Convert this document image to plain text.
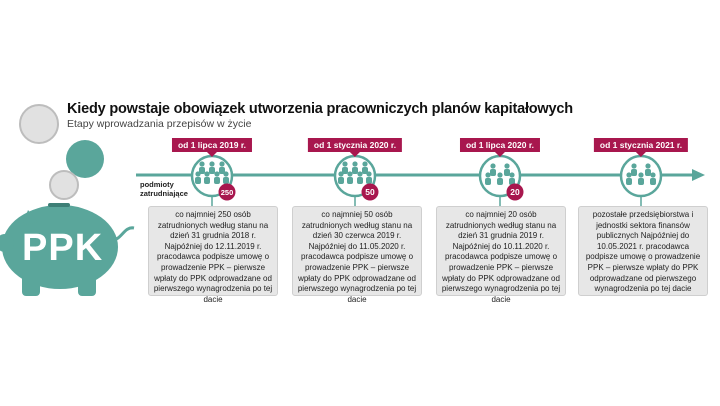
250	50	20
Kiedy powstaje obowiązek utworzenia pracowniczych planów kapitałowych
Etapy wprowadzania przepisów w życie
PPK
podmioty
zatrudniające
od 1 lipca 2019 r.	od 1 stycznia 2020 r.	od 1 lipca 2020 r.	od 1 stycznia 2021 r.
co najmniej 250 osób zatrudnionych według stanu na dzień 31 grudnia 2018 r. Najpóźniej do 12.11.2019 r. pracodawca podpisze umowę o prowadzenie PPK – pierwsze wpłaty do PPK odprowadzane od pierwszego wynagrodzenia po tej dacie
co najmniej 50 osób zatrudnionych według stanu na dzień 30 czerwca 2019 r. Najpóźniej do 11.05.2020 r. pracodawca podpisze umowę o prowadzenie PPK – pierwsze wpłaty do PPK odprowadzane od pierwszego wynagrodzenia po tej dacie
co najmniej 20 osób zatrudnionych według stanu na dzień 31 grudnia 2019 r. Najpóźniej do 10.11.2020 r. pracodawca podpisze umowę o prowadzenie PPK – pierwsze wpłaty do PPK odprowadzane od pierwszego wynagrodzenia po tej dacie
pozostałe przedsiębiorstwa i jednostki sektora finansów publicznych Najpóźniej do 10.05.2021 r. pracodawca podpisze umowę o prowadzenie PPK – pierwsze wpłaty do PPK odprowadzane od pierwszego wynagrodzenia po tej dacie
